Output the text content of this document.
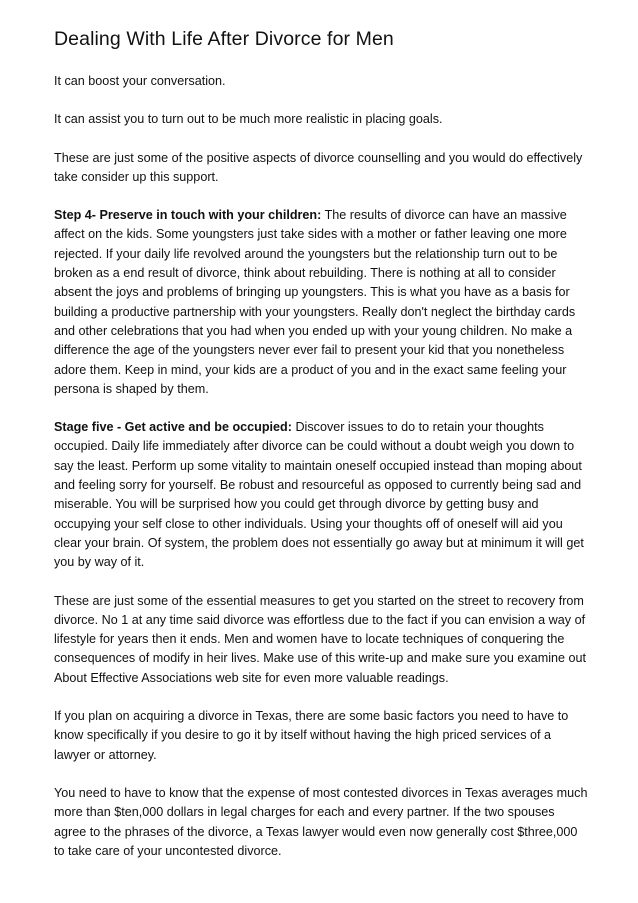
Dealing With Life After Divorce for Men

It can boost your conversation.

It can assist you to turn out to be much more realistic in placing goals.

These are just some of the positive aspects of divorce counselling and you would do effectively take consider up this support.

Step 4- Preserve in touch with your children: The results of divorce can have an massive affect on the kids. Some youngsters just take sides with a mother or father leaving one more rejected. If your daily life revolved around the youngsters but the relationship turn out to be broken as a end result of divorce, think about rebuilding. There is nothing at all to consider absent the joys and problems of bringing up youngsters. This is what you have as a basis for building a productive partnership with your youngsters. Really don't neglect the birthday cards and other celebrations that you had when you ended up with your young children. No make a difference the age of the youngsters never ever fail to present your kid that you nonetheless adore them. Keep in mind, your kids are a product of you and in the exact same feeling your persona is shaped by them.

Stage five - Get active and be occupied: Discover issues to do to retain your thoughts occupied. Daily life immediately after divorce can be could without a doubt weigh you down to say the least. Perform up some vitality to maintain oneself occupied instead than moping about and feeling sorry for yourself. Be robust and resourceful as opposed to currently being sad and miserable. You will be surprised how you could get through divorce by getting busy and occupying your self close to other individuals. Using your thoughts off of oneself will aid you clear your brain. Of system, the problem does not essentially go away but at minimum it will get you by way of it.

These are just some of the essential measures to get you started on the street to recovery from divorce. No 1 at any time said divorce was effortless due to the fact if you can envision a way of lifestyle for years then it ends. Men and women have to locate techniques of conquering the consequences of modify in heir lives. Make use of this write-up and make sure you examine out About Effective Associations web site for even more valuable readings.

If you plan on acquiring a divorce in Texas, there are some basic factors you need to have to know specifically if you desire to go it by itself without having the high priced services of a lawyer or attorney.

You need to have to know that the expense of most contested divorces in Texas averages much more than $ten,000 dollars in legal charges for each and every partner. If the two spouses agree to the phrases of the divorce, a Texas lawyer would even now generally cost $three,000 to take care of your uncontested divorce.
